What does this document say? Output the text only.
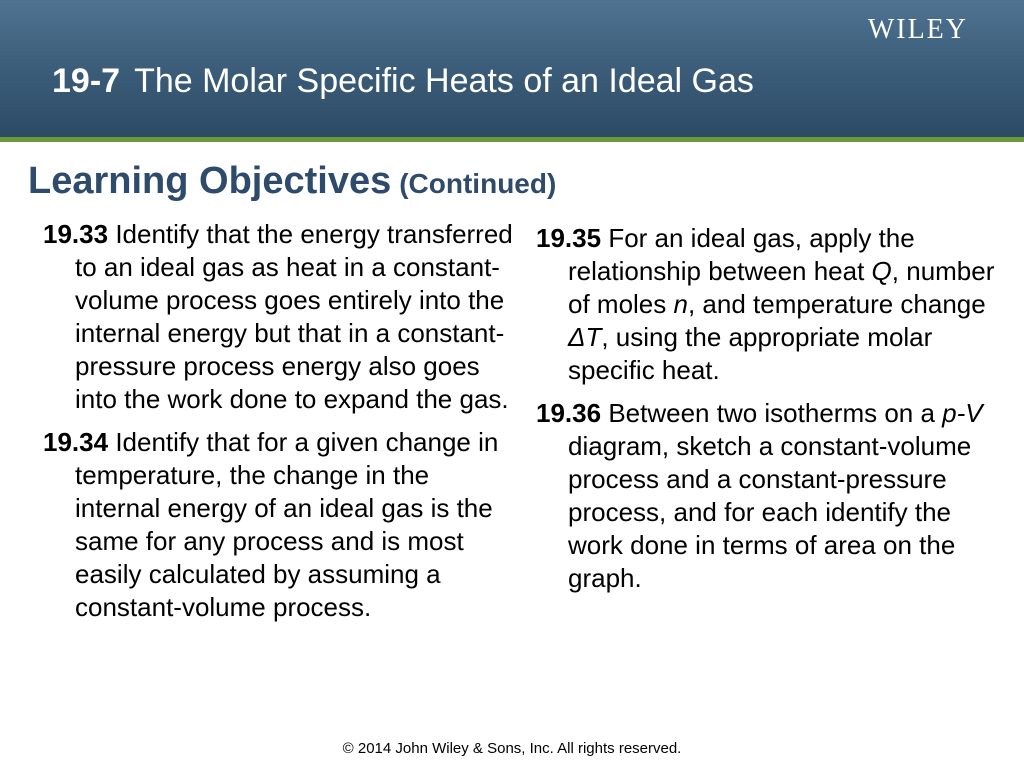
WILEY
19-7 The Molar Specific Heats of an Ideal Gas
Learning Objectives (Continued)

19.33 Identify that the energy transferred to an ideal gas as heat in a constant-volume process goes entirely into the internal energy but that in a constant-pressure process energy also goes into the work done to expand the gas.

19.34 Identify that for a given change in temperature, the change in the internal energy of an ideal gas is the same for any process and is most easily calculated by assuming a constant-volume process.

19.35 For an ideal gas, apply the relationship between heat Q, number of moles n, and temperature change ΔT, using the appropriate molar specific heat.

19.36 Between two isotherms on a p-V diagram, sketch a constant-volume process and a constant-pressure process, and for each identify the work done in terms of area on the graph.

© 2014 John Wiley & Sons, Inc. All rights reserved.
